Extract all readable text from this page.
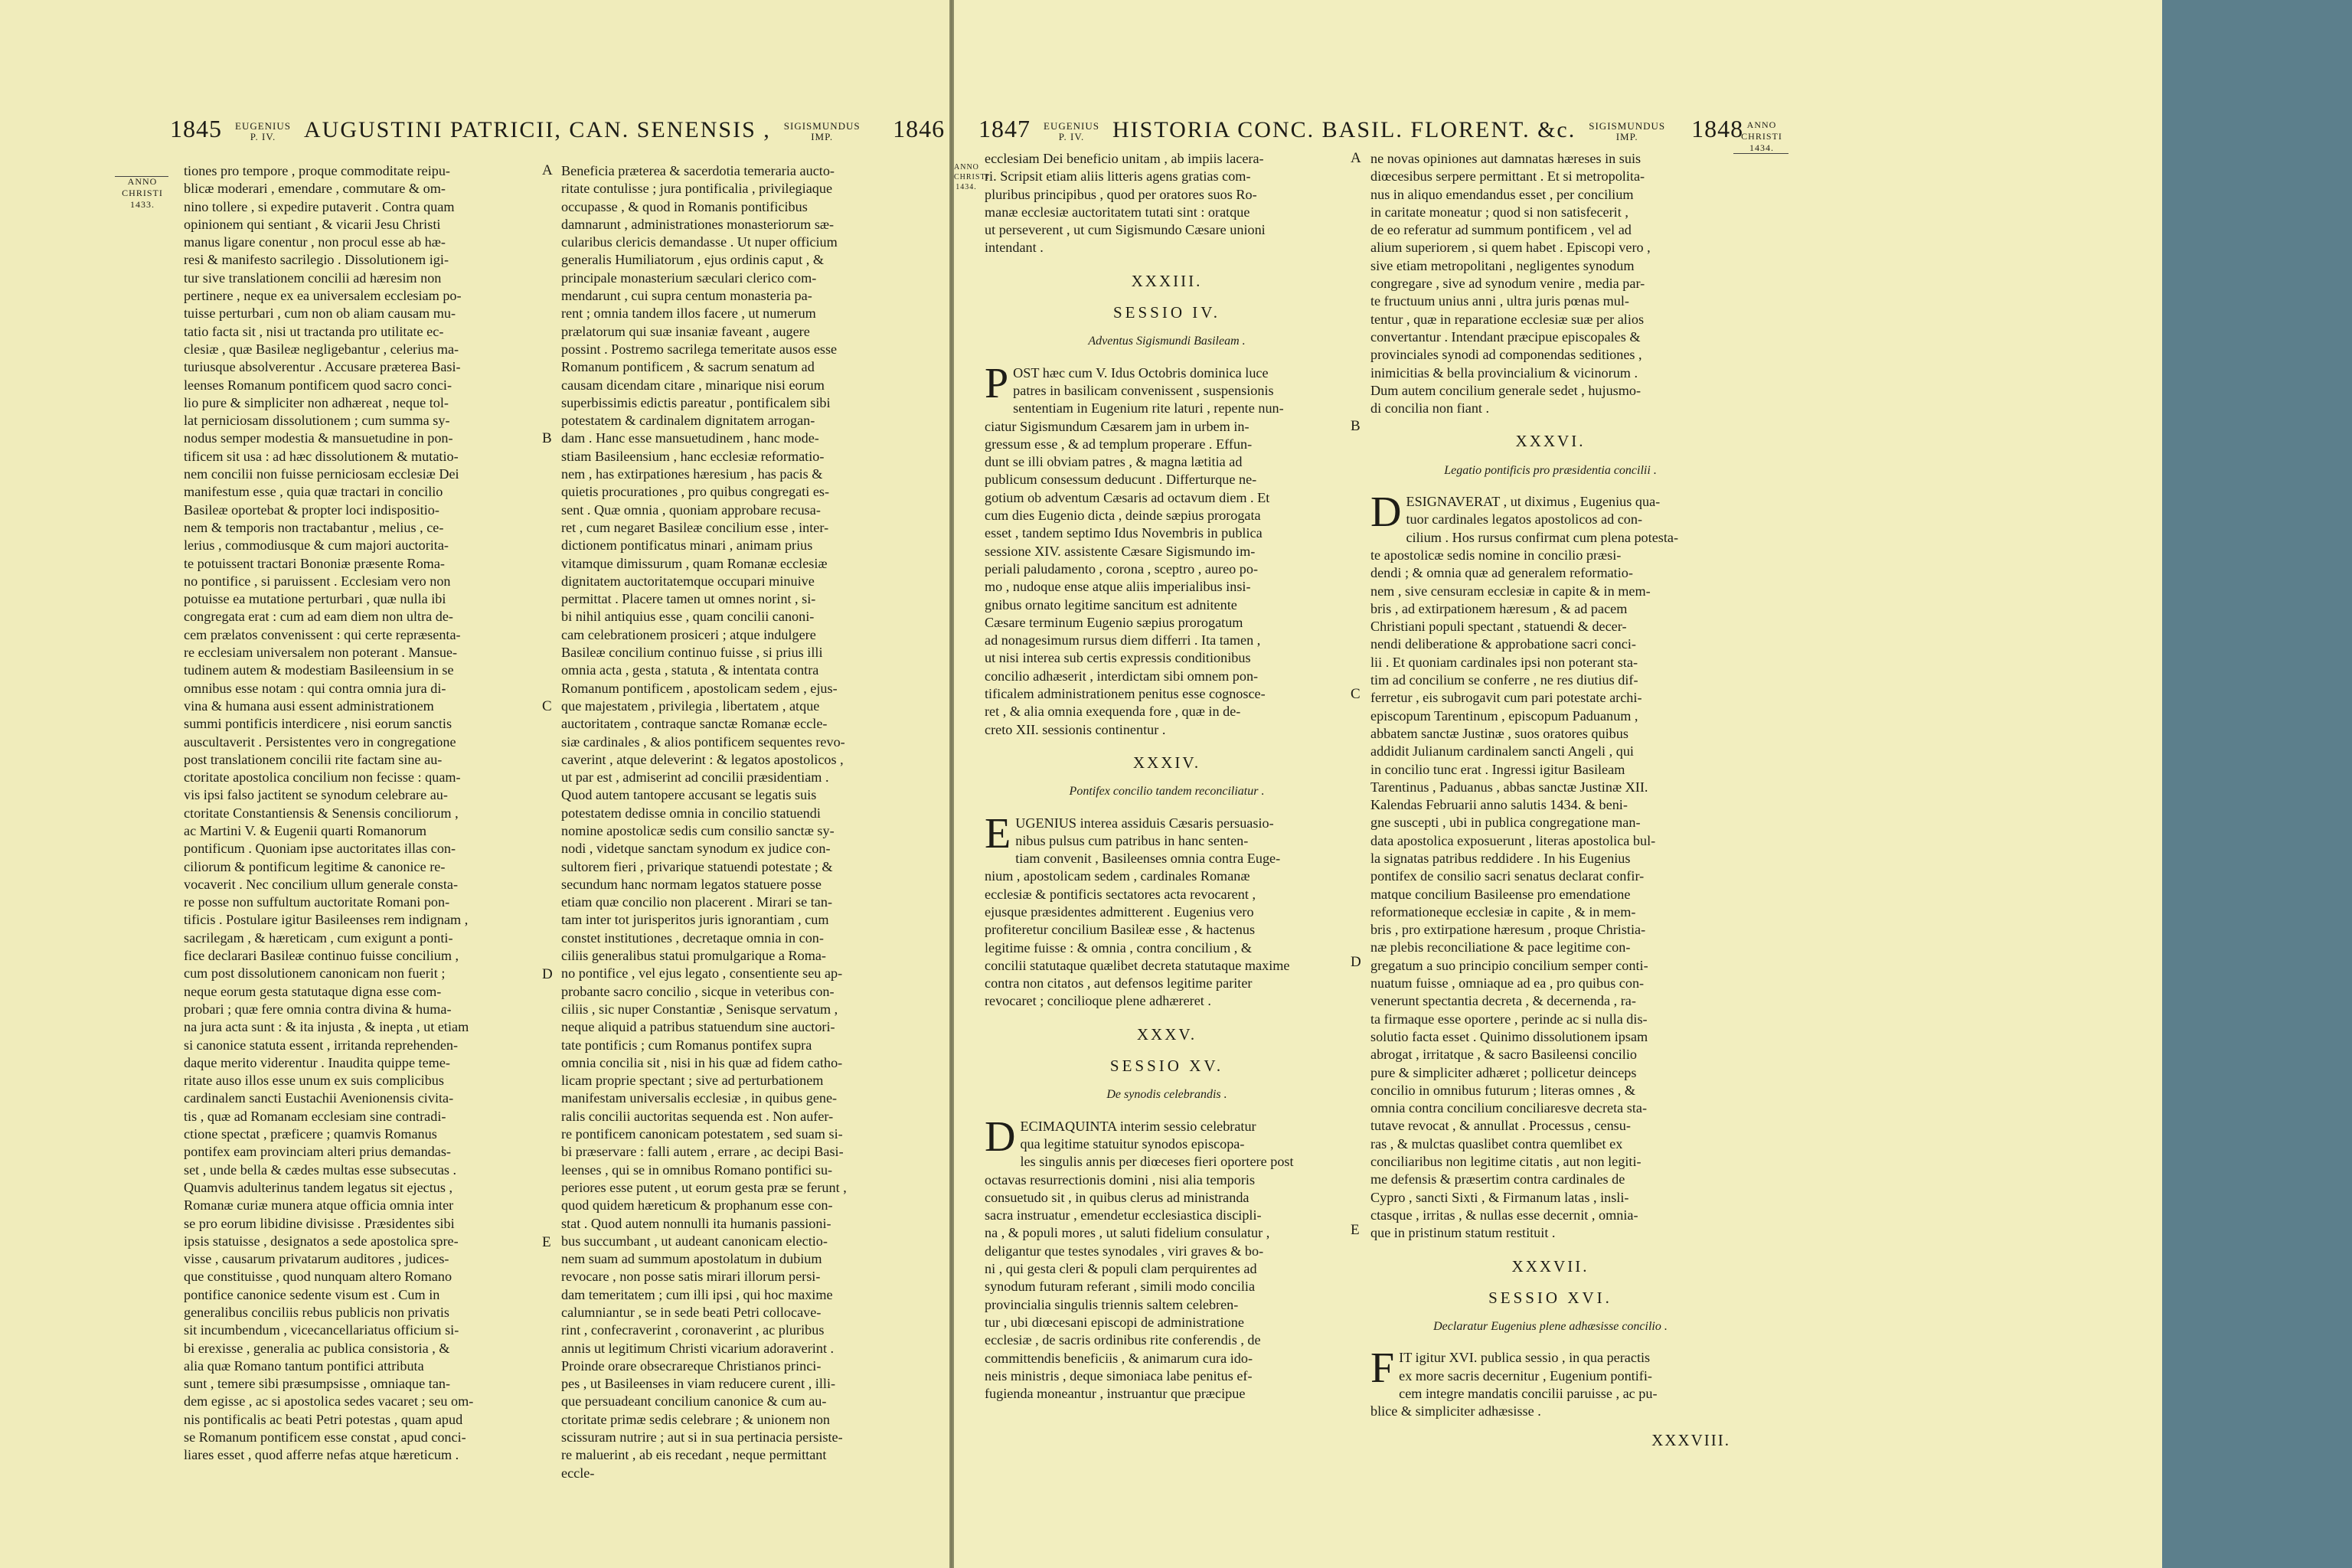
1845 EUGENIUS
P. IV. AUGUSTINI PATRICII, CAN. SENENSIS , SIGISMUNDUS
IMP. 1846
ANNO
CHRISTI
1433.
tiones pro tempore , proque commoditate reipu-
blicæ moderari , emendare , commutare & om-
nino tollere , si expedire putaverit . Contra quam
opinionem qui sentiant , & vicarii Jesu Christi
manus ligare conentur , non procul esse ab hæ-
resi & manifesto sacrilegio . Dissolutionem igi-
tur sive translationem concilii ad hæresim non
pertinere , neque ex ea universalem ecclesiam po-
tuisse perturbari , cum non ob aliam causam mu-
tatio facta sit , nisi ut tractanda pro utilitate ec-
clesiæ , quæ Basileæ negligebantur , celerius ma-
turiusque absolverentur . Accusare præterea Basi-
leenses Romanum pontificem quod sacro conci-
lio pure & simpliciter non adhæreat , neque tol-
lat perniciosam dissolutionem ; cum summa sy-
nodus semper modestia & mansuetudine in pon-
tificem sit usa : ad hæc dissolutionem & mutatio-
nem concilii non fuisse perniciosam ecclesiæ Dei
manifestum esse , quia quæ tractari in concilio
Basileæ oportebat & propter loci indispositio-
nem & temporis non tractabantur , melius , ce-
lerius , commodiusque & cum majori auctorita-
te potuissent tractari Bononiæ præsente Roma-
no pontifice , si paruissent . Ecclesiam vero non
potuisse ea mutatione perturbari , quæ nulla ibi
congregata erat : cum ad eam diem non ultra de-
cem prælatos convenissent : qui certe repræsenta-
re ecclesiam universalem non poterant . Mansue-
tudinem autem & modestiam Basileensium in se
omnibus esse notam : qui contra omnia jura di-
vina & humana ausi essent administrationem
summi pontificis interdicere , nisi eorum sanctis
auscultaverit . Persistentes vero in congregatione
post translationem concilii rite factam sine au-
ctoritate apostolica concilium non fecisse : quam-
vis ipsi falso jactitent se synodum celebrare au-
ctoritate Constantiensis & Senensis conciliorum ,
ac Martini V. & Eugenii quarti Romanorum
pontificum . Quoniam ipse auctoritates illas con-
ciliorum & pontificum legitime & canonice re-
vocaverit . Nec concilium ullum generale consta-
re posse non suffultum auctoritate Romani pon-
tificis . Postulare igitur Basileenses rem indignam ,
sacrilegam , & hæreticam , cum exigunt a ponti-
fice declarari Basileæ continuo fuisse concilium ,
cum post dissolutionem canonicam non fuerit ;
neque eorum gesta statutaque digna esse com-
probari ; quæ fere omnia contra divina & huma-
na jura acta sunt : & ita injusta , & inepta , ut etiam
si canonice statuta essent , irritanda reprehenden-
daque merito viderentur . Inaudita quippe teme-
ritate auso illos esse unum ex suis complicibus
cardinalem sancti Eustachii Avenionensis civita-
tis , quæ ad Romanam ecclesiam sine contradi-
ctione spectat , præficere ; quamvis Romanus
pontifex eam provinciam alteri prius demandas-
set , unde bella & cædes multas esse subsecutas .
Quamvis adulterinus tandem legatus sit ejectus ,
Romanæ curiæ munera atque officia omnia inter
se pro eorum libidine divisisse . Præsidentes sibi
ipsis statuisse , designatos a sede apostolica spre-
visse , causarum privatarum auditores , judices-
que constituisse , quod nunquam altero Romano
pontifice canonice sedente visum est . Cum in
generalibus conciliis rebus publicis non privatis
sit incumbendum , vicecancellariatus officium si-
bi erexisse , generalia ac publica consistoria , &
alia quæ Romano tantum pontifici attributa
sunt , temere sibi præsumpsisse , omniaque tan-
dem egisse , ac si apostolica sedes vacaret ; seu om-
nis pontificalis ac beati Petri potestas , quam apud
se Romanum pontificem esse constat , apud conci-
liares esset , quod afferre nefas atque hæreticum .
Beneficia præterea & sacerdotia temeraria aucto-
ritate contulisse ; jura pontificalia , privilegiaque
occupasse , & quod in Romanis pontificibus
damnarunt , administrationes monasteriorum sæ-
cularibus clericis demandasse . Ut nuper officium
generalis Humiliatorum , ejus ordinis caput , &
principale monasterium sæculari clerico com-
mendarunt , cui supra centum monasteria pa-
rent ; omnia tandem illos facere , ut numerum
prælatorum qui suæ insaniæ faveant , augere
possint . Postremo sacrilega temeritate ausos esse
Romanum pontificem , & sacrum senatum ad
causam dicendam citare , minarique nisi eorum
superbissimis edictis pareatur , pontificalem sibi
potestatem & cardinalem dignitatem arrogan-
dam . Hanc esse mansuetudinem , hanc mode-
stiam Basileensium , hanc ecclesiæ reformatio-
nem , has extirpationes hæresium , has pacis &
quietis procurationes , pro quibus congregati es-
sent . Quæ omnia , quoniam approbare recusa-
ret , cum negaret Basileæ concilium esse , inter-
dictionem pontificatus minari , animam prius
vitamque dimissurum , quam Romanæ ecclesiæ
dignitatem auctoritatemque occupari minuive
permittat . Placere tamen ut omnes norint , si-
bi nihil antiquius esse , quam concilii canoni-
cam celebrationem prosiceri ; atque indulgere
Basileæ concilium continuo fuisse , si prius illi
omnia acta , gesta , statuta , & intentata contra
Romanum pontificem , apostolicam sedem , ejus-
que majestatem , privilegia , libertatem , atque
auctoritatem , contraque sanctæ Romanæ eccle-
siæ cardinales , & alios pontificem sequentes revo-
caverint , atque deleverint : & legatos apostolicos ,
ut par est , admiserint ad concilii præsidentiam .
Quod autem tantopere accusant se legatis suis
potestatem dedisse omnia in concilio statuendi
nomine apostolicæ sedis cum consilio sanctæ sy-
nodi , videtque sanctam synodum ex judice con-
sultorem fieri , privarique statuendi potestate ; &
secundum hanc normam legatos statuere posse
etiam quæ concilio non placerent . Mirari se tan-
tam inter tot jurisperitos juris ignorantiam , cum
constet institutiones , decretaque omnia in con-
ciliis generalibus statui promulgarique a Roma-
no pontifice , vel ejus legato , consentiente seu ap-
probante sacro concilio , sicque in veteribus con-
ciliis , sic nuper Constantiæ , Senisque servatum ,
neque aliquid a patribus statuendum sine auctori-
tate pontificis ; cum Romanus pontifex supra
omnia concilia sit , nisi in his quæ ad fidem catho-
licam proprie spectant ; sive ad perturbationem
manifestam universalis ecclesiæ , in quibus gene-
ralis concilii auctoritas sequenda est . Non aufer-
re pontificem canonicam potestatem , sed suam si-
bi præservare : falli autem , errare , ac decipi Basi-
leenses , qui se in omnibus Romano pontifici su-
periores esse putent , ut eorum gesta præ se ferunt ,
quod quidem hæreticum & prophanum esse con-
stat . Quod autem nonnulli ita humanis passioni-
bus succumbant , ut audeant canonicam electio-
nem suam ad summum apostolatum in dubium
revocare , non posse satis mirari illorum persi-
dam temeritatem ; cum illi ipsi , qui hoc maxime
calumniantur , se in sede beati Petri collocave-
rint , confecraverint , coronaverint , ac pluribus
annis ut legitimum Christi vicarium adoraverint .
Proinde orare obsecrareque Christianos princi-
pes , ut Basileenses in viam reducere curent , illi-
que persuadeant concilium canonice & cum au-
ctoritate primæ sedis celebrare ; & unionem non
scissuram nutrire ; aut si in sua pertinacia persiste-
re maluerint , ab eis recedant , neque permittant
eccle-
A
B
C
D
E
1847 EUGENIUS
P. IV. HISTORIA CONC. BASIL. FLORENT. &c. SIGISMUNDUS
IMP. 1848
ANNO
CHRISTI
1434.
ANNO
CHRISTI
1434.
ecclesiam Dei beneficio unitam , ab impiis lacera-
ri. Scripsit etiam aliis litteris agens gratias com-
pluribus principibus , quod per oratores suos Ro-
manæ ecclesiæ auctoritatem tutati sint : oratque
ut perseverent , ut cum Sigismundo Cæsare unioni
intendant .
XXXIII.
SESSIO IV.
Adventus Sigismundi Basileam .
P OST hæc cum V. Idus Octobris dominica luce
patres in basilicam convenissent , suspensionis
sententiam in Eugenium rite laturi , repente nun-
ciatur Sigismundum Cæsarem jam in urbem in-
gressum esse , & ad templum properare . Effun-
dunt se illi obviam patres , & magna lætitia ad
publicum consessum deducunt . Differturque ne-
gotium ob adventum Cæsaris ad octavum diem . Et
cum dies Eugenio dicta , deinde sæpius prorogata
esset , tandem septimo Idus Novembris in publica
sessione XIV. assistente Cæsare Sigismundo im-
periali paludamento , corona , sceptro , aureo po-
mo , nudoque ense atque aliis imperialibus insi-
gnibus ornato legitime sancitum est adnitente
Cæsare terminum Eugenio sæpius prorogatum
ad nonagesimum rursus diem differri . Ita tamen ,
ut nisi interea sub certis expressis conditionibus
concilio adhæserit , interdictam sibi omnem pon-
tificalem administrationem penitus esse cognosce-
ret , & alia omnia exequenda fore , quæ in de-
creto XII. sessionis continentur .
XXXIV.
Pontifex concilio tandem reconciliatur .
E UGENIUS interea assiduis Cæsaris persuasio-
nibus pulsus cum patribus in hanc senten-
tiam convenit , Basileenses omnia contra Euge-
nium , apostolicam sedem , cardinales Romanæ
ecclesiæ & pontificis sectatores acta revocarent ,
ejusque præsidentes admitterent . Eugenius vero
profiteretur concilium Basileæ esse , & hactenus
legitime fuisse : & omnia , contra concilium , &
concilii statutaque quælibet decreta statutaque maxime
contra non citatos , aut defensos legitime pariter
revocaret ; concilioque plene adhæreret .
XXXV.
SESSIO XV.
De synodis celebrandis .
D ECIMAQUINTA interim sessio celebratur
qua legitime statuitur synodos episcopa-
les singulis annis per diœceses fieri oportere post
octavas resurrectionis domini , nisi alia temporis
consuetudo sit , in quibus clerus ad ministranda
sacra instruatur , emendetur ecclesiastica discipli-
na , & populi mores , ut saluti fidelium consulatur ,
deligantur que testes synodales , viri graves & bo-
ni , qui gesta cleri & populi clam perquirentes ad
synodum futuram referant , simili modo concilia
provincialia singulis triennis saltem celebren-
tur , ubi diœcesani episcopi de administratione
ecclesiæ , de sacris ordinibus rite conferendis , de
committendis beneficiis , & animarum cura ido-
neis ministris , deque simoniaca labe penitus ef-
fugienda moneantur , instruantur que præcipue
ne novas opiniones aut damnatas hæreses in suis
diœcesibus serpere permittant . Et si metropolita-
nus in aliquo emendandus esset , per concilium
in caritate moneatur ; quod si non satisfecerit ,
de eo referatur ad summum pontificem , vel ad
alium superiorem , si quem habet . Episcopi vero ,
sive etiam metropolitani , negligentes synodum
congregare , sive ad synodum venire , media par-
te fructuum unius anni , ultra juris pœnas mul-
tentur , quæ in reparatione ecclesiæ suæ per alios
convertantur . Intendant præcipue episcopales &
provinciales synodi ad componendas seditiones ,
inimicitias & bella provincialium & vicinorum .
Dum autem concilium generale sedet , hujusmo-
di concilia non fiant .
XXXVI.
Legatio pontificis pro præsidentia concilii .
D ESIGNAVERAT , ut diximus , Eugenius qua-
tuor cardinales legatos apostolicos ad con-
cilium . Hos rursus confirmat cum plena potesta-
te apostolicæ sedis nomine in concilio præsi-
dendi ; & omnia quæ ad generalem reformatio-
nem , sive censuram ecclesiæ in capite & in mem-
bris , ad extirpationem hæresum , & ad pacem
Christiani populi spectant , statuendi & decer-
nendi deliberatione & approbatione sacri conci-
lii . Et quoniam cardinales ipsi non poterant sta-
tim ad concilium se conferre , ne res diutius dif-
ferretur , eis subrogavit cum pari potestate archi-
episcopum Tarentinum , episcopum Paduanum ,
abbatem sanctæ Justinæ , suos oratores quibus
addidit Julianum cardinalem sancti Angeli , qui
in concilio tunc erat . Ingressi igitur Basileam
Tarentinus , Paduanus , abbas sanctæ Justinæ XII.
Kalendas Februarii anno salutis 1434. & beni-
gne suscepti , ubi in publica congregatione man-
data apostolica exposuerunt , literas apostolica bul-
la signatas patribus reddidere . In his Eugenius
pontifex de consilio sacri senatus declarat confir-
matque concilium Basileense pro emendatione
reformationeque ecclesiæ in capite , & in mem-
bris , pro extirpatione hæresum , proque Christia-
næ plebis reconciliatione & pace legitime con-
gregatum a suo principio concilium semper conti-
nuatum fuisse , omniaque ad ea , pro quibus con-
venerunt spectantia decreta , & decernenda , ra-
ta firmaque esse oportere , perinde ac si nulla dis-
solutio facta esset . Quinimo dissolutionem ipsam
abrogat , irritatque , & sacro Basileensi concilio
pure & simpliciter adhæret ; pollicetur deinceps
concilio in omnibus futurum ; literas omnes , &
omnia contra concilium conciliaresve decreta sta-
tutave revocat , & annullat . Processus , censu-
ras , & mulctas quaslibet contra quemlibet ex
conciliaribus non legitime citatis , aut non legiti-
me defensis & præsertim contra cardinales de
Cypro , sancti Sixti , & Firmanum latas , insli-
ctasque , irritas , & nullas esse decernit , omnia-
que in pristinum statum restituit .
XXXVII.
SESSIO XVI.
Declaratur Eugenius plene adhæsisse concilio .
F IT igitur XVI. publica sessio , in qua peractis
ex more sacris decernitur , Eugenium pontifi-
cem integre mandatis concilii paruisse , ac pu-
blice & simpliciter adhæsisse .
XXXVIII.
A
B
C
D
E
